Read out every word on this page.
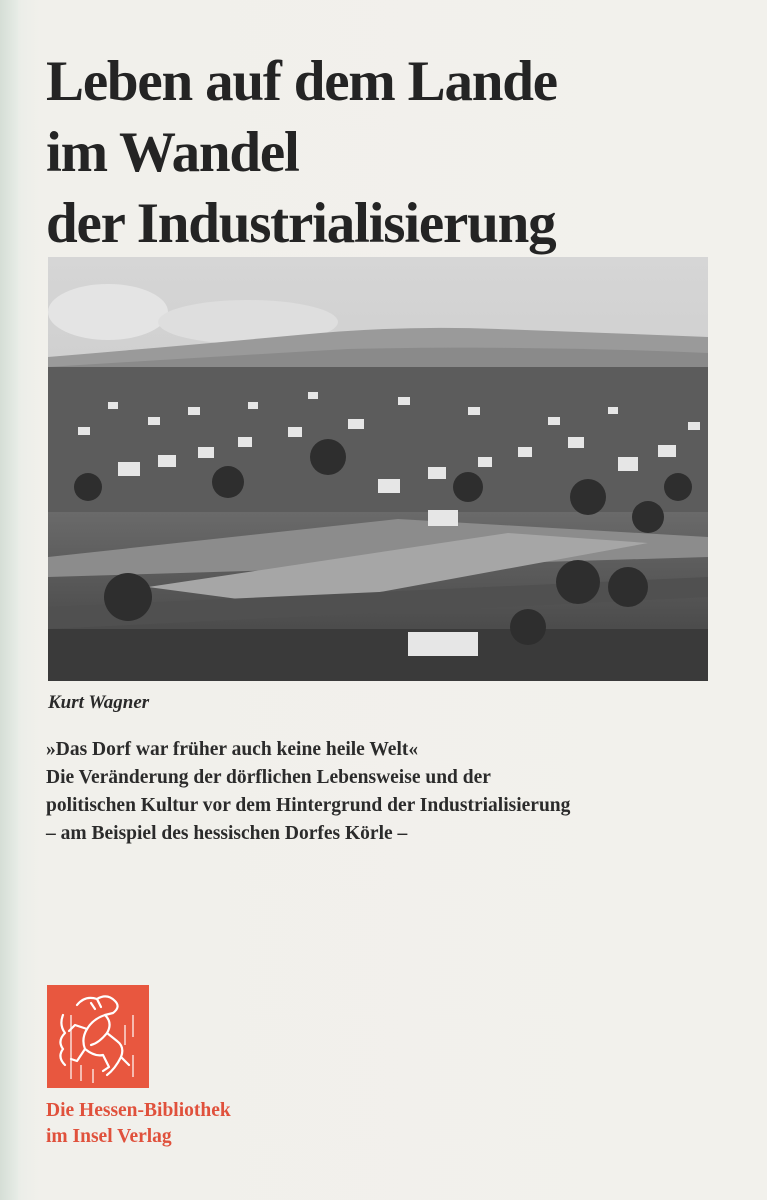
Leben auf dem Lande
im Wandel
der Industrialisierung

Kurt Wagner

»Das Dorf war früher auch keine heile Welt«
Die Veränderung der dörflichen Lebensweise und der
politischen Kultur vor dem Hintergrund der Industrialisierung
– am Beispiel des hessischen Dorfes Körle –

Die Hessen-Bibliothek
im Insel Verlag
